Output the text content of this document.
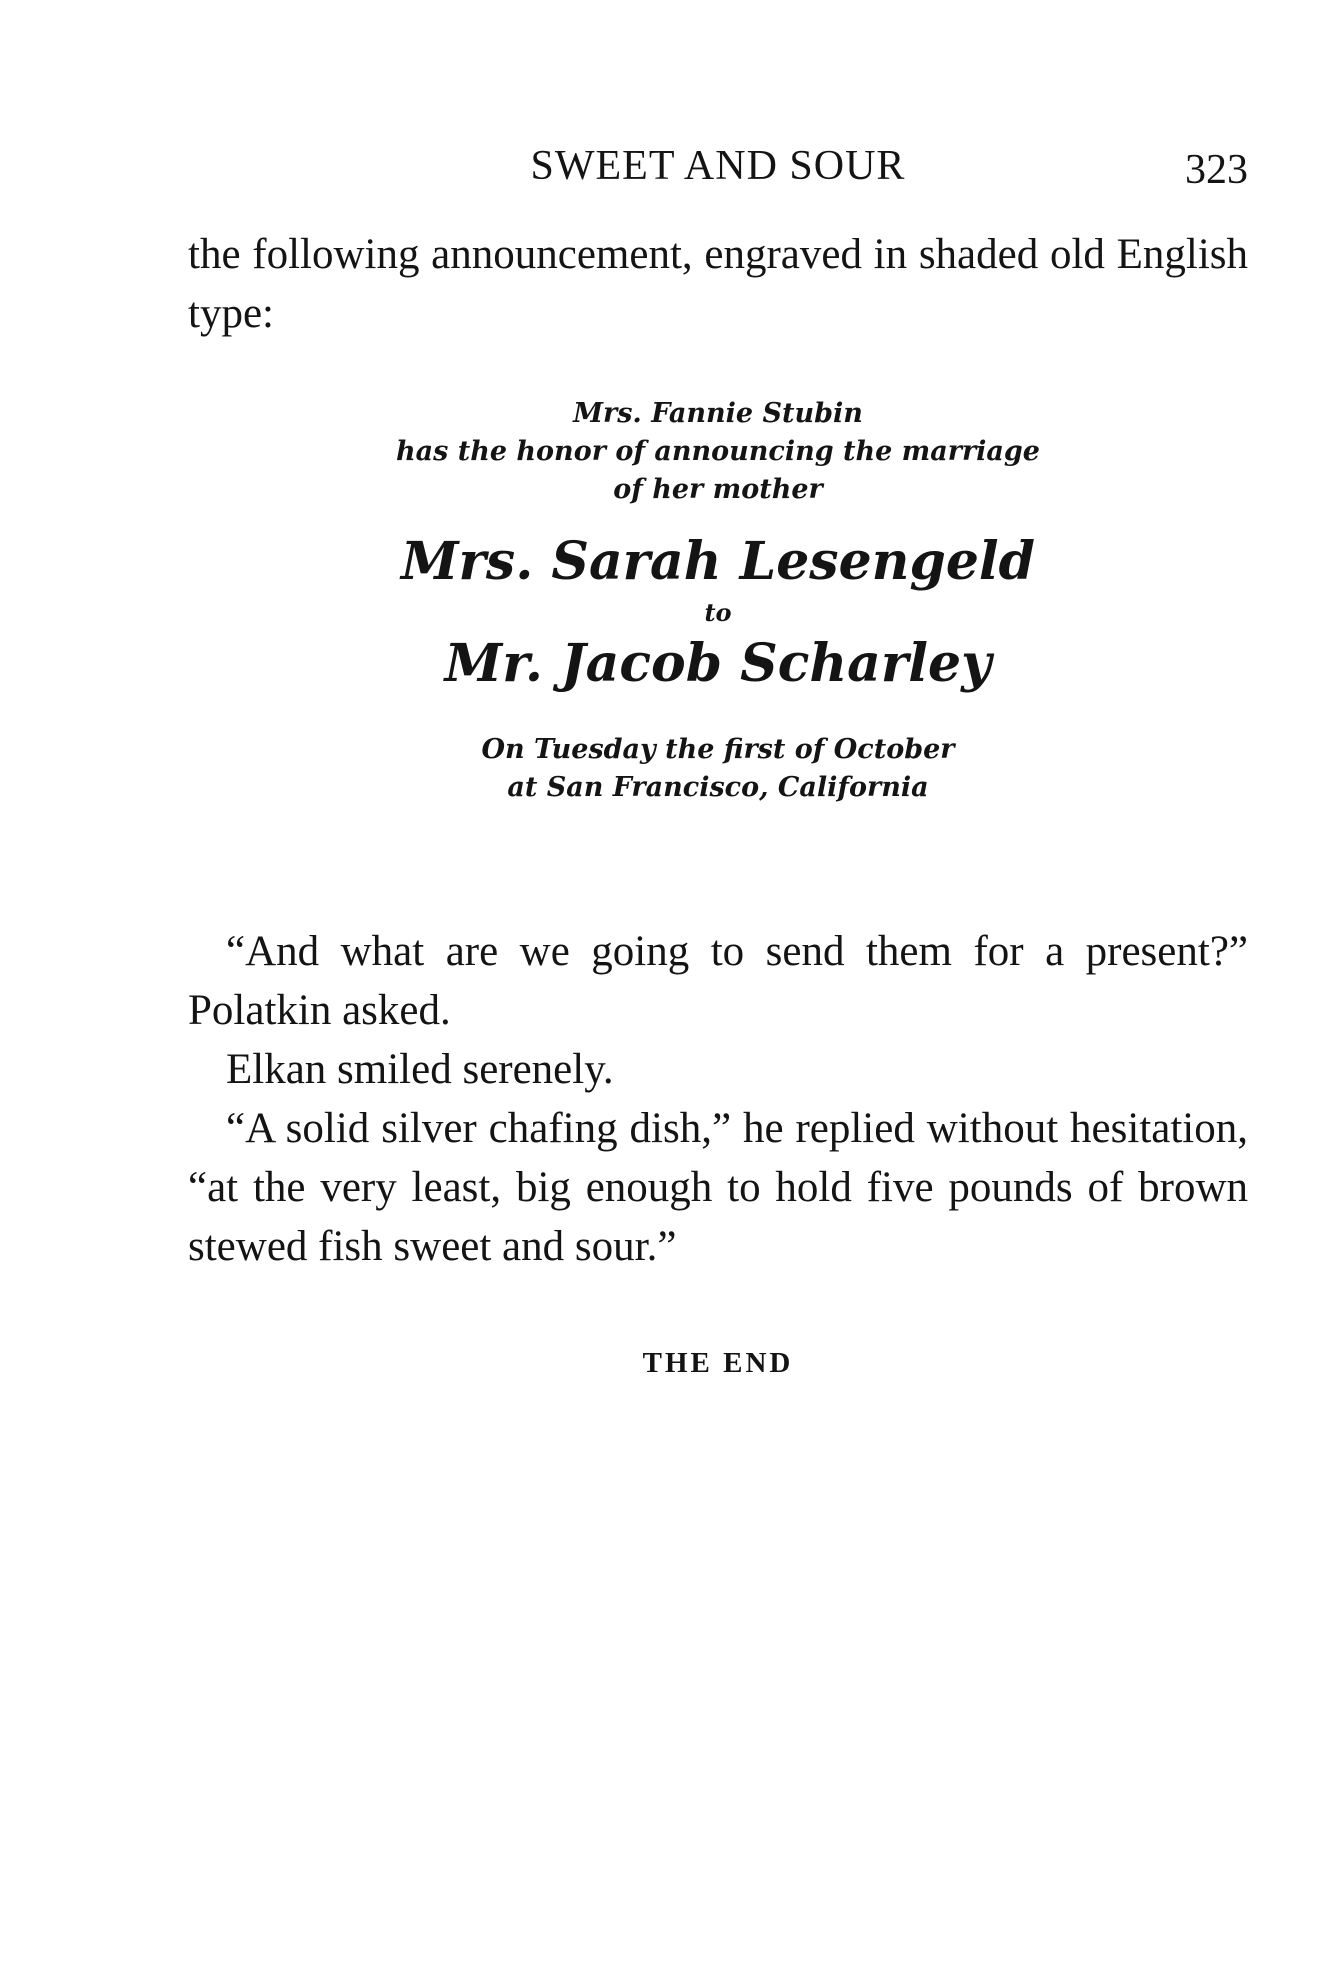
SWEET AND SOUR	323

the following announcement, engraved in shaded old English type:

Mrs. Fannie Stubin

has the honor of announcing the marriage

of her mother

Mrs. Sarah Lesengeld

to

Mr. Jacob Scharley

On Tuesday the first of October

at San Francisco, California

“And what are we going to send them for a present?” Polatkin asked.

Elkan smiled serenely.

“A solid silver chafing dish,” he replied without hesitation, “at the very least, big enough to hold five pounds of brown stewed fish sweet and sour.”

THE END
